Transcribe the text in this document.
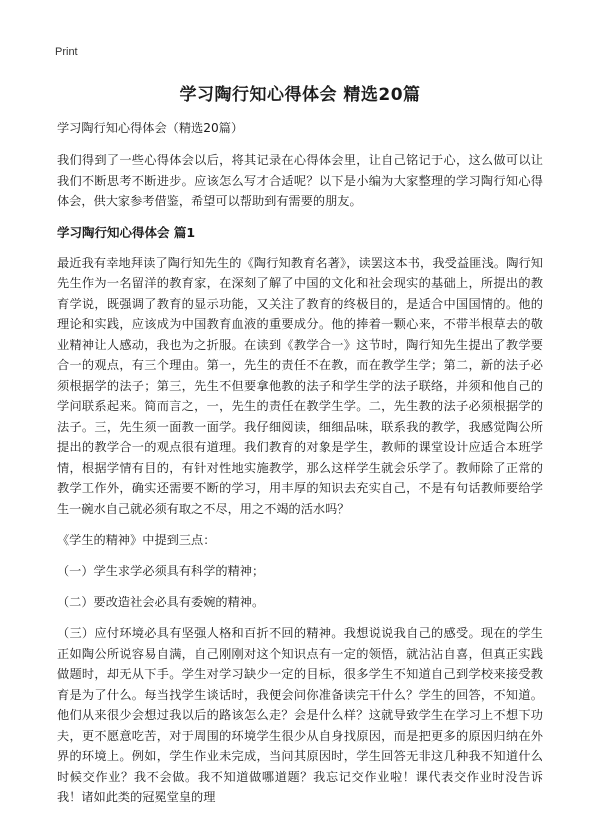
Print
学习陶行知心得体会 精选20篇
学习陶行知心得体会（精选20篇）

我们得到了一些心得体会以后，将其记录在心得体会里，让自己铭记于心，这么做可以让我们不断思考不断进步。应该怎么写才合适呢？以下是小编为大家整理的学习陶行知心得体会，供大家参考借鉴，希望可以帮助到有需要的朋友。

学习陶行知心得体会 篇1

最近我有幸地拜读了陶行知先生的《陶行知教育名著》，读罢这本书，我受益匪浅。陶行知先生作为一名留洋的教育家，在深刻了解了中国的文化和社会现实的基础上，所提出的教育学说，既强调了教育的显示功能，又关注了教育的终极目的，是适合中国国情的。他的理论和实践，应该成为中国教育血液的重要成分。他的捧着一颗心来，不带半根草去的敬业精神让人感动，我也为之折服。在读到《教学合一》这节时，陶行知先生提出了教学要合一的观点，有三个理由。第一，先生的责任不在教，而在教学生学；第二，新的法子必须根据学的法子；第三，先生不但要拿他教的法子和学生学的法子联络，并须和他自己的学问联系起来。简而言之，一，先生的责任在教学生学。二，先生教的法子必须根据学的法子。三，先生须一面教一面学。我仔细阅读，细细品味，联系我的教学，我感觉陶公所提出的教学合一的观点很有道理。我们教育的对象是学生，教师的课堂设计应适合本班学情，根据学情有目的，有针对性地实施教学，那么这样学生就会乐学了。教师除了正常的教学工作外，确实还需要不断的学习，用丰厚的知识去充实自己，不是有句话教师要给学生一碗水自己就必须有取之不尽，用之不竭的活水吗？

《学生的精神》中提到三点：
（一）学生求学必须具有科学的精神；
（二）要改造社会必具有委婉的精神。

（三）应付环境必具有坚强人格和百折不回的精神。我想说说我自己的感受。现在的学生正如陶公所说容易自满，自己刚刚对这个知识点有一定的领悟，就沾沾自喜，但真正实践做题时，却无从下手。学生对学习缺少一定的目标，很多学生不知道自己到学校来接受教育是为了什么。每当找学生谈话时，我便会问你准备读完干什么？学生的回答，不知道。他们从来很少会想过我以后的路该怎么走？会是什么样？这就导致学生在学习上不想下功夫，更不愿意吃苦，对于周围的环境学生很少从自身找原因，而是把更多的原因归纳在外界的环境上。例如，学生作业未完成，当问其原因时，学生回答无非这几种我不知道什么时候交作业？我不会做。我不知道做哪道题？我忘记交作业啦！课代表交作业时没告诉我！诸如此类的冠冕堂皇的理
